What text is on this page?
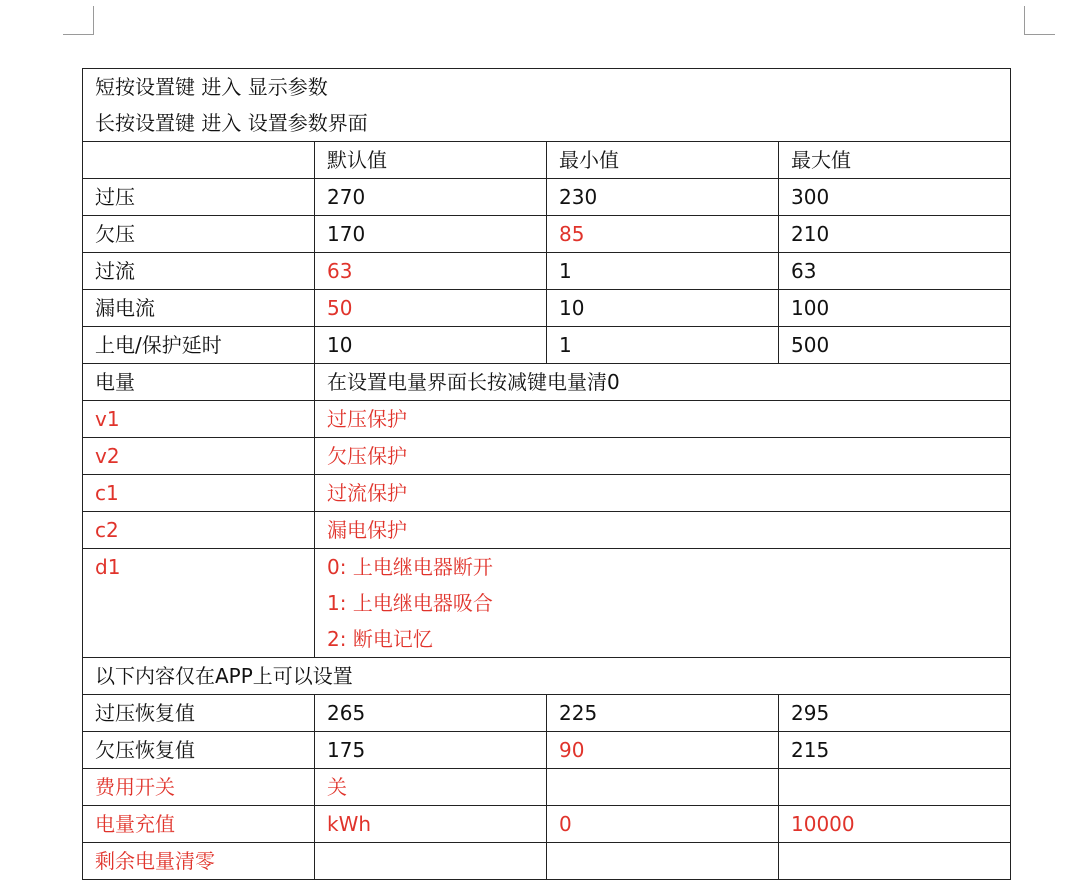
短按设置键 进入 显示参数
长按设置键 进入 设置参数界面			

	默认值	最小值	最大值
过压	270	230	300
欠压	170	85	210
过流	63	1	63
漏电流	50	10	100
上电/保护延时	10	1	500
电量	在设置电量界面长按减键电量清0		
v1	过压保护		
v2	欠压保护		
c1	过流保护		
c2	漏电保护		
d1	0: 上电继电器断开
1: 上电继电器吸合
2: 断电记忆		

以下内容仅在APP上可以设置			
过压恢复值	265	225	295
欠压恢复值	175	90	215
费用开关	关		
电量充值	kWh	0	10000
剩余电量清零			
